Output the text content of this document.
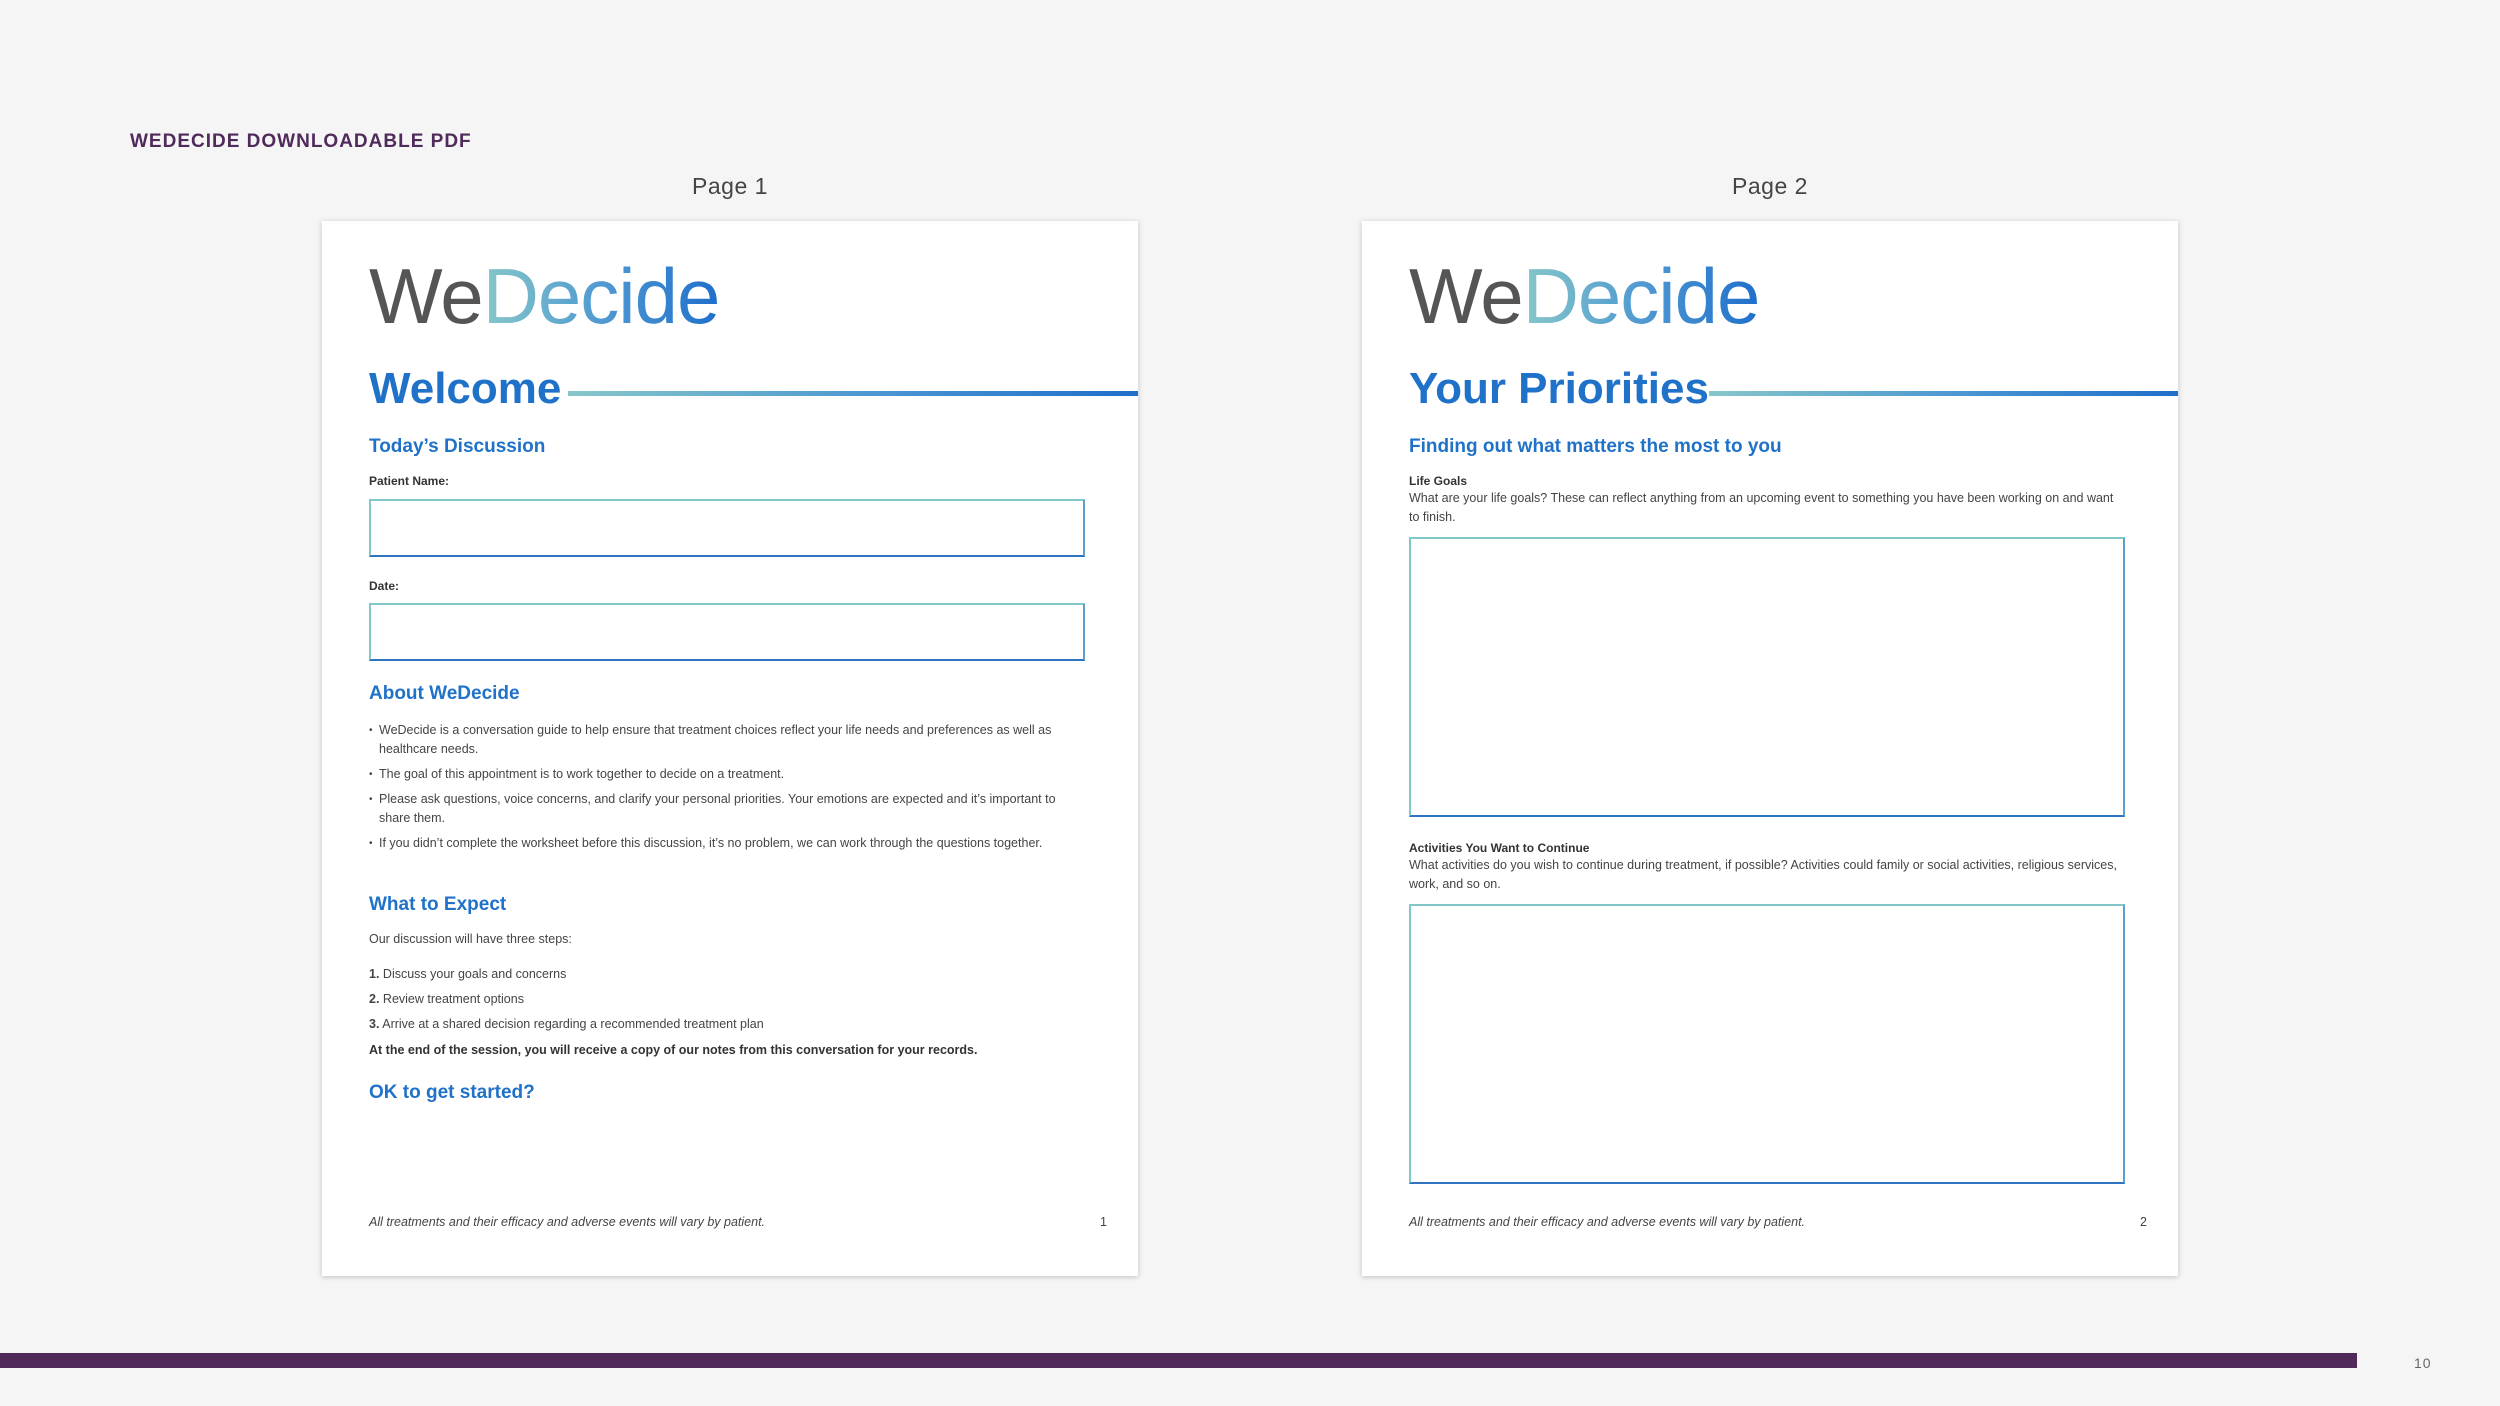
WEDECIDE DOWNLOADABLE PDF
Page 1
WeDecide
Welcome
Today’s Discussion
Patient Name:
Date:
About WeDecide
• WeDecide is a conversation guide to help ensure that treatment choices reflect your life needs and preferences as well as healthcare needs.
• The goal of this appointment is to work together to decide on a treatment.
• Please ask questions, voice concerns, and clarify your personal priorities. Your emotions are expected and it’s important to share them.
• If you didn’t complete the worksheet before this discussion, it’s no problem, we can work through the questions together.
What to Expect
Our discussion will have three steps:
1. Discuss your goals and concerns
2. Review treatment options
3. Arrive at a shared decision regarding a recommended treatment plan
At the end of the session, you will receive a copy of our notes from this conversation for your records.
OK to get started?
All treatments and their efficacy and adverse events will vary by patient.	1
Page 2
WeDecide
Your Priorities
Finding out what matters the most to you
Life Goals
What are your life goals? These can reflect anything from an upcoming event to something you have been working on and want to finish.
Activities You Want to Continue
What activities do you wish to continue during treatment, if possible? Activities could family or social activities, religious services, work, and so on.
All treatments and their efficacy and adverse events will vary by patient.	2
10
